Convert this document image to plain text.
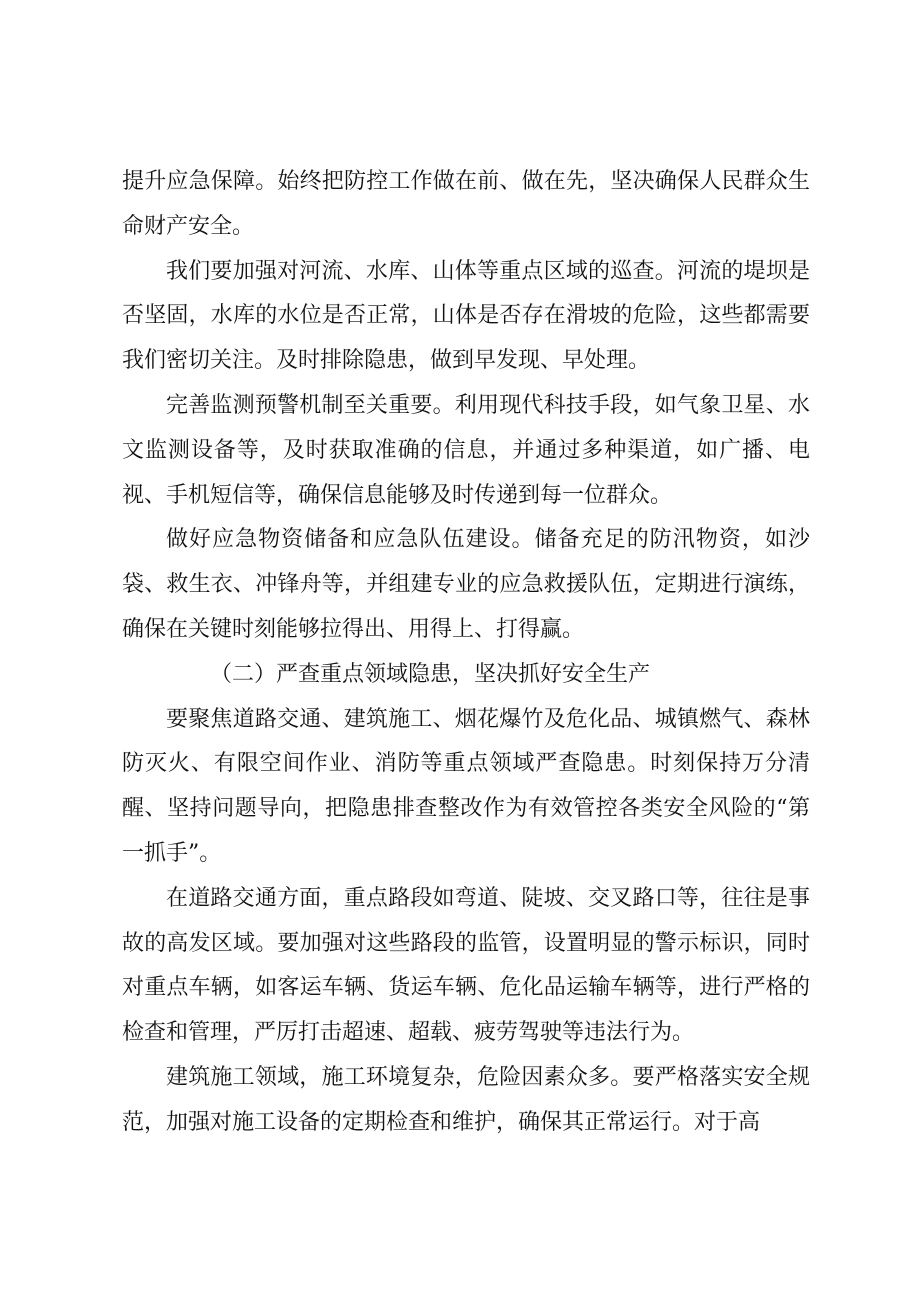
提升应急保障。始终把防控工作做在前、做在先，坚决确保人民群众生命财产安全。

我们要加强对河流、水库、山体等重点区域的巡查。河流的堤坝是否坚固，水库的水位是否正常，山体是否存在滑坡的危险，这些都需要我们密切关注。及时排除隐患，做到早发现、早处理。

完善监测预警机制至关重要。利用现代科技手段，如气象卫星、水文监测设备等，及时获取准确的信息，并通过多种渠道，如广播、电视、手机短信等，确保信息能够及时传递到每一位群众。

做好应急物资储备和应急队伍建设。储备充足的防汛物资，如沙袋、救生衣、冲锋舟等，并组建专业的应急救援队伍，定期进行演练，确保在关键时刻能够拉得出、用得上、打得赢。

（二）严查重点领域隐患，坚决抓好安全生产

要聚焦道路交通、建筑施工、烟花爆竹及危化品、城镇燃气、森林防灭火、有限空间作业、消防等重点领域严查隐患。时刻保持万分清醒、坚持问题导向，把隐患排查整改作为有效管控各类安全风险的“第一抓手”。

在道路交通方面，重点路段如弯道、陡坡、交叉路口等，往往是事故的高发区域。要加强对这些路段的监管，设置明显的警示标识，同时对重点车辆，如客运车辆、货运车辆、危化品运输车辆等，进行严格的检查和管理，严厉打击超速、超载、疲劳驾驶等违法行为。

建筑施工领域，施工环境复杂，危险因素众多。要严格落实安全规范，加强对施工设备的定期检查和维护，确保其正常运行。对于高
